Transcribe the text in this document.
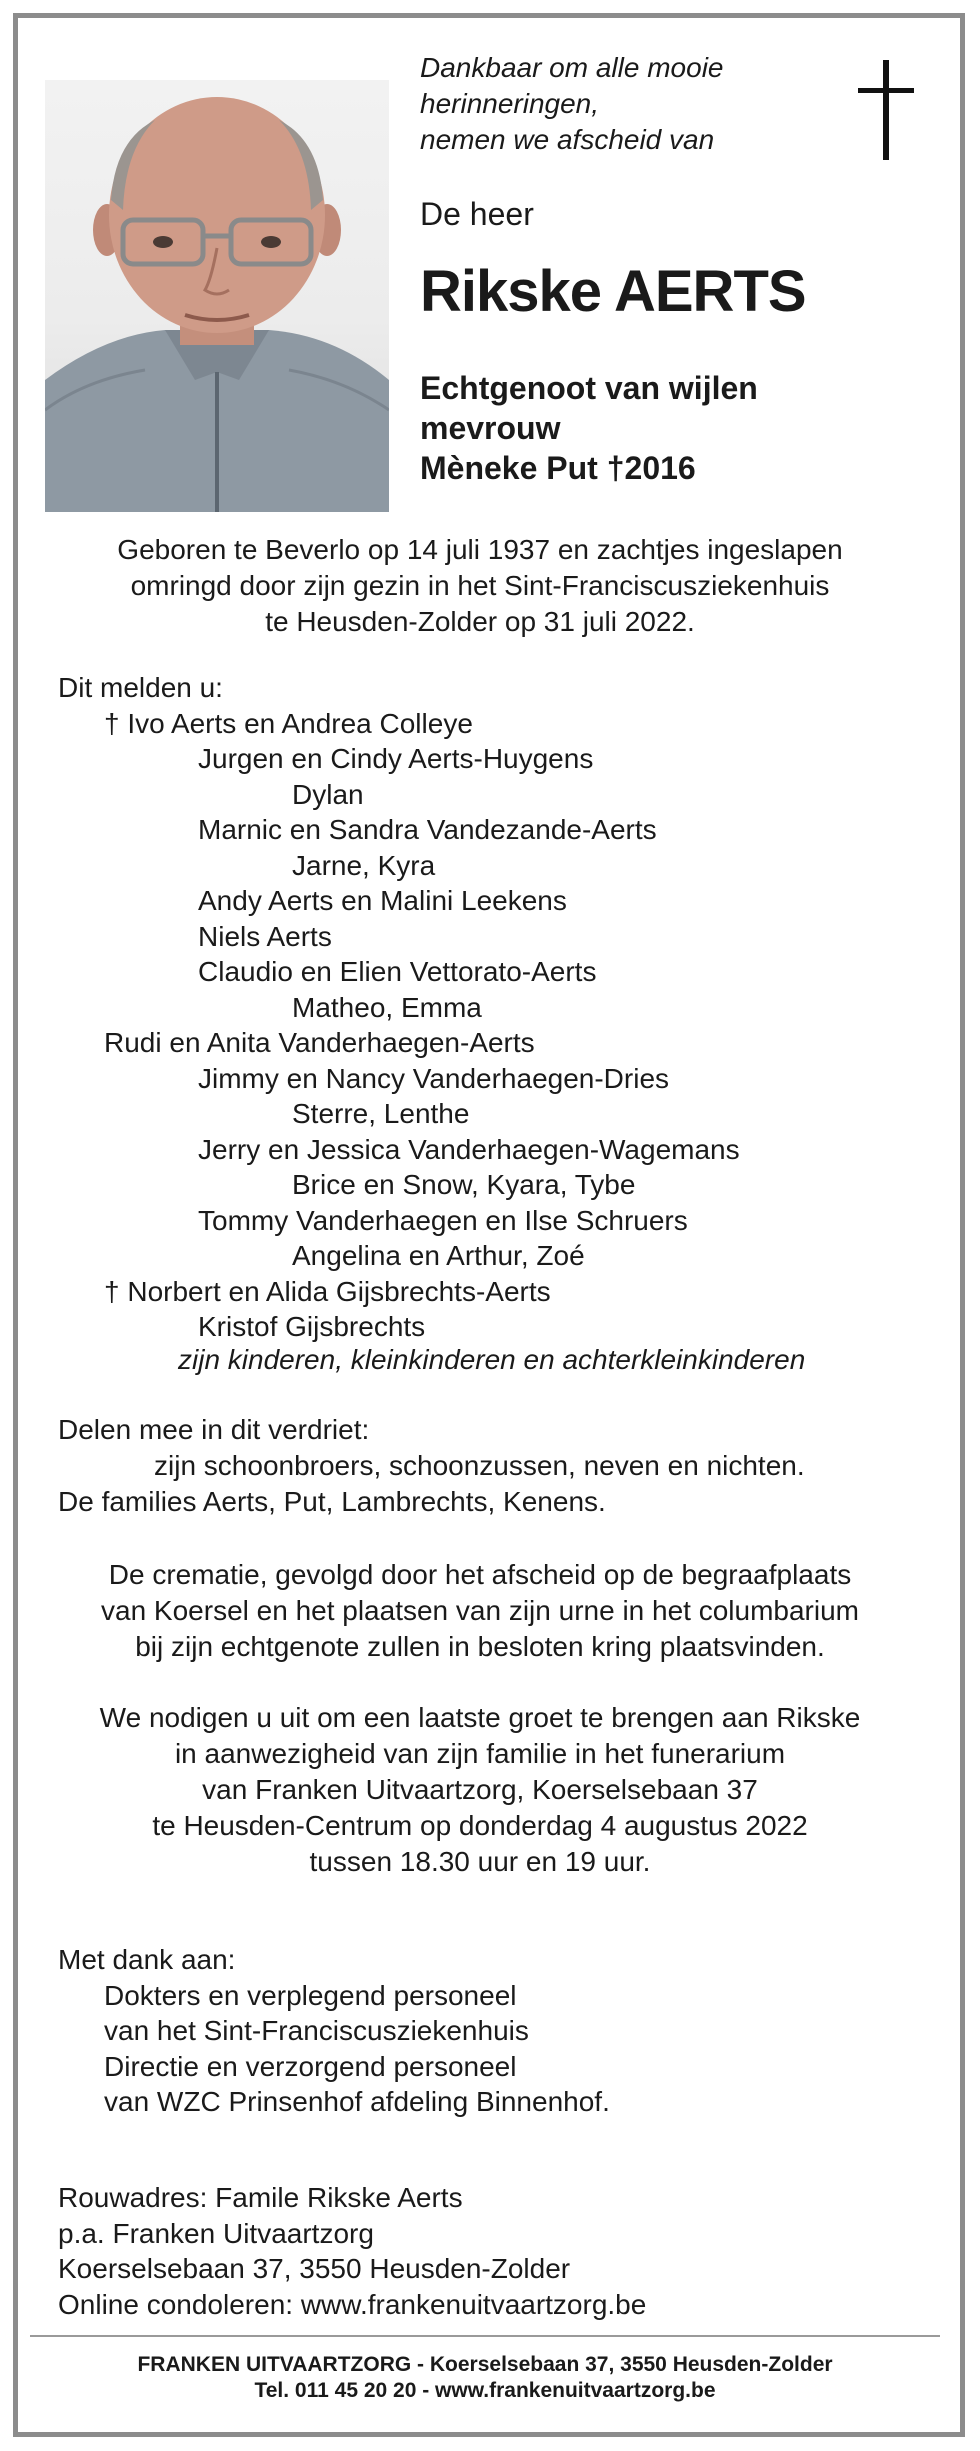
Dankbaar om alle mooie
herinneringen,
nemen we afscheid van
De heer
Rikske AERTS
Echtgenoot van wijlen
mevrouw
Mèneke Put †2016
Geboren te Beverlo op 14 juli 1937 en zachtjes ingeslapen
omringd door zijn gezin in het Sint-Franciscusziekenhuis
te Heusden-Zolder op 31 juli 2022.
Dit melden u:
† Ivo Aerts en Andrea Colleye
Jurgen en Cindy Aerts-Huygens
Dylan
Marnic en Sandra Vandezande-Aerts
Jarne, Kyra
Andy Aerts en Malini Leekens
Niels Aerts
Claudio en Elien Vettorato-Aerts
Matheo, Emma
Rudi en Anita Vanderhaegen-Aerts
Jimmy en Nancy Vanderhaegen-Dries
Sterre, Lenthe
Jerry en Jessica Vanderhaegen-Wagemans
Brice en Snow, Kyara, Tybe
Tommy Vanderhaegen en Ilse Schruers
Angelina en Arthur, Zoé
† Norbert en Alida Gijsbrechts-Aerts
Kristof Gijsbrechts
zijn kinderen, kleinkinderen en achterkleinkinderen
Delen mee in dit verdriet:
zijn schoonbroers, schoonzussen, neven en nichten.
De families Aerts, Put, Lambrechts, Kenens.
De crematie, gevolgd door het afscheid op de begraafplaats
van Koersel en het plaatsen van zijn urne in het columbarium
bij zijn echtgenote zullen in besloten kring plaatsvinden.
We nodigen u uit om een laatste groet te brengen aan Rikske
in aanwezigheid van zijn familie in het funerarium
van Franken Uitvaartzorg, Koerselsebaan 37
te Heusden-Centrum op donderdag 4 augustus 2022
tussen 18.30 uur en 19 uur.
Met dank aan:
Dokters en verplegend personeel
van het Sint-Franciscusziekenhuis
Directie en verzorgend personeel
van WZC Prinsenhof afdeling Binnenhof.
Rouwadres: Famile Rikske Aerts
p.a. Franken Uitvaartzorg
Koerselsebaan 37, 3550 Heusden-Zolder
Online condoleren: www.frankenuitvaartzorg.be
FRANKEN UITVAARTZORG - Koerselsebaan 37, 3550 Heusden-Zolder
Tel. 011 45 20 20 - www.frankenuitvaartzorg.be
